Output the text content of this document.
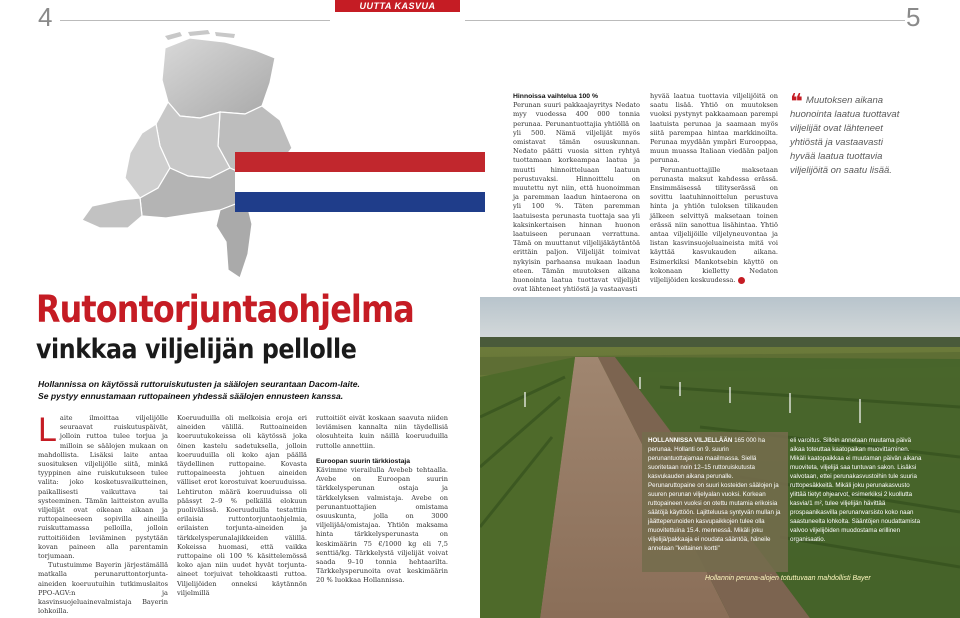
4	5
UUTTA KASVUA PERUNASTA
Hinnoissa vaihtelua 100 %

Perunan suuri pakkaajayritys Nedato myy vuodessa 400 000 tonnia perunaa. Perunantuottajia yhtiöllä on yli 500. Nämä viljelijät myös omistavat tämän osuuskunnan. Nedato päätti vuosia sitten ryhtyä tuottamaan korkeampaa laatua ja muutti hinnoitteluaan laatuun perustuvaksi. Hinnoittelu on muutettu nyt niin, että huonoimman ja paremman laadun hintaerona on yli 100 %. Täten paremman laatuisesta perunasta tuottaja saa yli kaksinkertaisen hinnan huonon laatuiseen perunaan verrattuna. Tämä on muuttanut viljelijäkäytäntöä erittäin paljon. Viljelijät toimivat nykyisin parhaansa mukaan laadun eteen. Tämän muutoksen aikana huonointa laatua tuottavat viljelijät ovat lähteneet yhtiöstä ja vastaavasti

hyvää laatua tuottavia viljelijöitä on saatu lisää. Yhtiö on muutoksen vuoksi pystynyt pakkaamaan parempi laatuista perunaa ja saamaan myös siitä parempaa hintaa markkinoilta. Perunaa myydään ympäri Eurooppaa, muun muassa Italiaan viedään paljon perunaa.

Perunantuottajille maksetaan perunasta maksut kahdessa erässä. Ensimmäisessä tilityserässä on sovittu laatuhinnoittelun perustuva hinta ja yhtiön tuloksen tilikauden jälkeen selvittyä maksetaan toinen erässä niin sanottua lisähintaa. Yhtiö antaa viljelijöille viljelyneuvontaa ja listan kasvinsuojeluaineista mitä voi käyttää kasvukauden aikana. Esimerkiksi Mankotsebin käyttö on kokonaan kielletty Nedaton viljelijöiden keskuudessa.

❝ Muutoksen aikana huonointa laatua tuottavat viljelijät ovat lähteneet yhtiöstä ja vastaavasti hyvää laatua tuottavia viljelijöitä on saatu lisää.
Rutontorjuntaohjelma
vinkkaa viljelijän pellolle
Hollannissa on käytössä ruttoruiskutusten ja säälojen seurantaan Dacom-laite.
Se pystyy ennustamaan ruttopaineen yhdessä säälojen ennusteen kanssa.

Laite ilmoittaa viljelijölle seuraavat ruiskutuspäivät, jolloin ruttoa tulee torjua ja milloin se säälojen mukaan on mahdollista. Lisäksi laite antaa suosituksen viljelijölle siitä, minkä tyyppinen aine ruiskutukseen tulee valita: joko kosketusvaikutteinen, paikallisesti vaikuttava tai systeeminen. Tämän laitteiston avulla viljelijät ovat oikeaan aikaan ja ruttopaineeseen sopivilla aineilla ruiskuttamassa pelloilla, jolloin ruttoitiöiden leviäminen pystytään kovan paineen alla parentamin torjumaan.

Tutustuimme Bayerin järjestämällä matkalla perunaruttontorjunta-aineiden koeruutuihin tutkimuslaitos PPO-AGV:n ja kasvinsuojeluainevalmistaja Bayerin lohkoilla.

Koeruuduilla oli melkoisia eroja eri aineiden välillä. Ruttoaineiden koeruutukokeissa oli käytössä joka öinen kastelu sadetuksella, jolloin koeruuduilla oli koko ajan päällä täydellinen ruttopaine. Kovasta ruttopaineesta johtuen aineiden välliset erot korostuivat koeruuduissa. Lehtiruton määrä koeruuduissa oli päässyt 2–9 % pelkällä elokuun puolivälissä. Koeruuduilla testattiin erilaisia ruttontorjuntaohjelmia, erilaisten torjunta-aineiden ja tärkkelysperunalajikkeiden välillä. Kokeissa huomasi, että vaikka ruttopaine oli 100 % käsittelemössä koko ajan niin uudet hyvät torjunta-aineet torjuivat tehokkaasti ruttoa. Viljelijöiden onneksi käytännön viljelmillä

ruttoitiöt eivät koskaan saavuta niiden leviämisen kannalta niin täydellisiä olosuhteita kuin näillä koeruuduilla ruttolle annettiin.

Euroopan suurin tärkkiostaja

Kävimme vierailulla Avebeb tehtaalla. Avebe on Euroopan suurin tärkkelysperunan ostaja ja tärkkelyksen valmistaja. Avebe on perunantuottajien omistama osuuskunta, jolla on 3000 viljelijää/omistajaa. Yhtiön maksama hinta tärkkelysperunasta on keskimäärin 75 €/1000 kg eli 7,5 senttiä/kg. Tärkkelystä viljelijät voivat saada 9–10 tonnia hehtaarilta. Tärkkelysperunoita ovat keskimäärin 20 % luokkaa Hollannissa.

HOLLANNISSA VILJELLÄÄN 165 000 ha perunaa. Hollanti on 9. suurin perunantuottajamaa maailmassa. Siellä suoritetaan noin 12–15 ruttoruiskutusta kasvukauden aikana perunalle. Perunaruttopaine on suuri kosteiden säälojen ja suuren perunan viljelyalan vuoksi. Korkean ruttopaineen vuoksi on otettu mutamia erikoisia säätöjä käyttöön. Lajitteluusa syntyvän mullan ja jäätteperunoiden kasvupaikkojen tulee olla muovitettuina 15.4. mennessä. Mikäli joku viljelijä/pakkaaja ei noudata sääntöä, häneile annetaan "keltainen kortti"

eli varoitus. Silloin annetaan muutama päivä aikaa toteuttaa kaatopaikan muovittaminen. Mikäli kaatopaikkaa ei muutaman päivän aikana muoviteta, viljelijä saa tuntuvan sakon. Lisäksi valvotaan, ettei perunakasvustoihin tule suuria ruttopesäkkeitä. Mikäli joku perunakasvusto ylittää tietyt ohjearvot, esimerkiksi 2 kuollutta kasvia/1 m², tulee viljelijän hävittää prospaanikasvilla perunanvarsisto koko naan saastuneelta lohkolta. Sääntöjen noudattamista valvoo viljelijöiden muodostama erillinen organisaatio.

Hollannin peruna-alojen totuttuvaan mahdollisti Bayer
